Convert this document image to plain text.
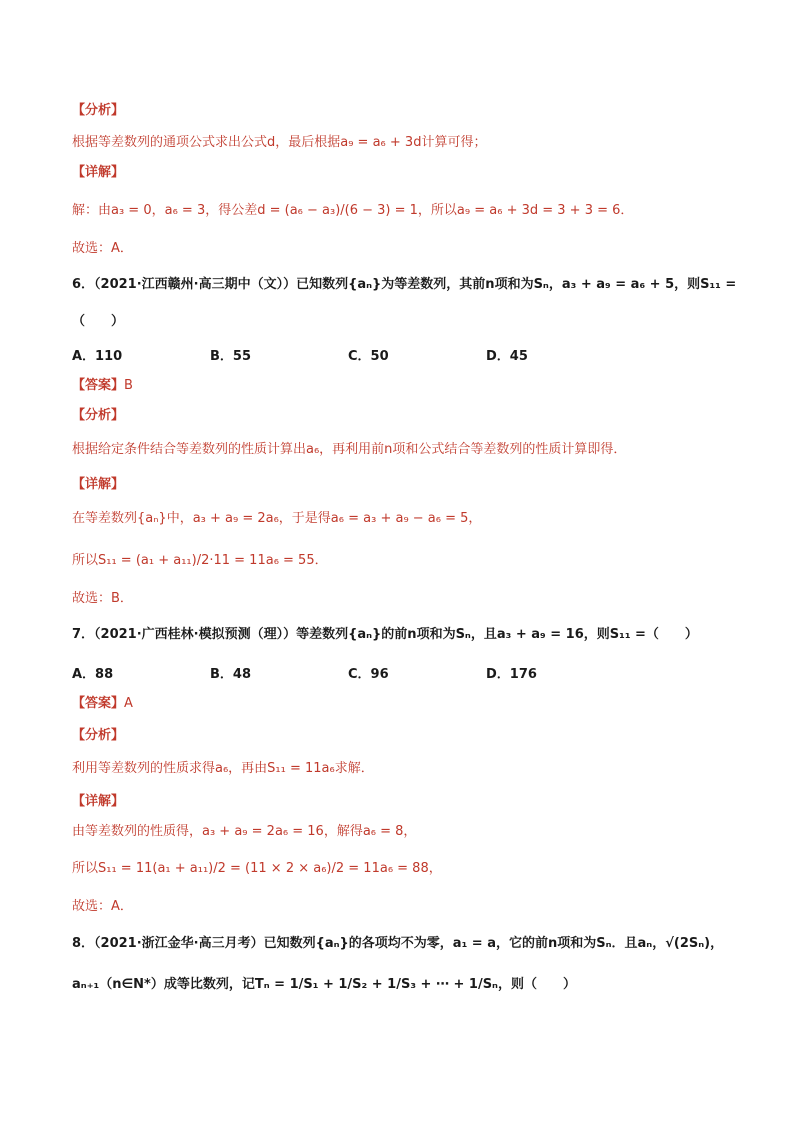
【分析】
根据等差数列的通项公式求出公式d，最后根据a₉ = a₆ + 3d计算可得；
【详解】
解：由a₃ = 0，a₆ = 3，得公差d = (a₆ − a₃)/(6 − 3) = 1，所以a₉ = a₆ + 3d = 3 + 3 = 6．
故选：A．
6．（2021·江西赣州·高三期中（文））已知数列{aₙ}为等差数列，其前n项和为Sₙ，a₃ + a₉ = a₆ + 5，则S₁₁ =
（　　）
A．110	B．55	C．50	D．45
【答案】B
【分析】
根据给定条件结合等差数列的性质计算出a₆，再利用前n项和公式结合等差数列的性质计算即得．
【详解】
在等差数列{aₙ}中，a₃ + a₉ = 2a₆，于是得a₆ = a₃ + a₉ − a₆ = 5，
所以S₁₁ = (a₁ + a₁₁)/2·11 = 11a₆ = 55．
故选：B．
7．（2021·广西桂林·模拟预测（理））等差数列{aₙ}的前n项和为Sₙ，且a₃ + a₉ = 16，则S₁₁ =（　　）
A．88	B．48	C．96	D．176
【答案】A
【分析】
利用等差数列的性质求得a₆，再由S₁₁ = 11a₆求解．
【详解】
由等差数列的性质得，a₃ + a₉ = 2a₆ = 16，解得a₆ = 8，
所以S₁₁ = 11(a₁ + a₁₁)/2 = (11 × 2 × a₆)/2 = 11a₆ = 88，
故选：A．
8．（2021·浙江金华·高三月考）已知数列{aₙ}的各项均不为零，a₁ = a，它的前n项和为Sₙ．且aₙ，√(2Sₙ)，
aₙ₊₁（n∈N*）成等比数列，记Tₙ = 1/S₁ + 1/S₂ + 1/S₃ + ⋯ + 1/Sₙ，则（　　）
